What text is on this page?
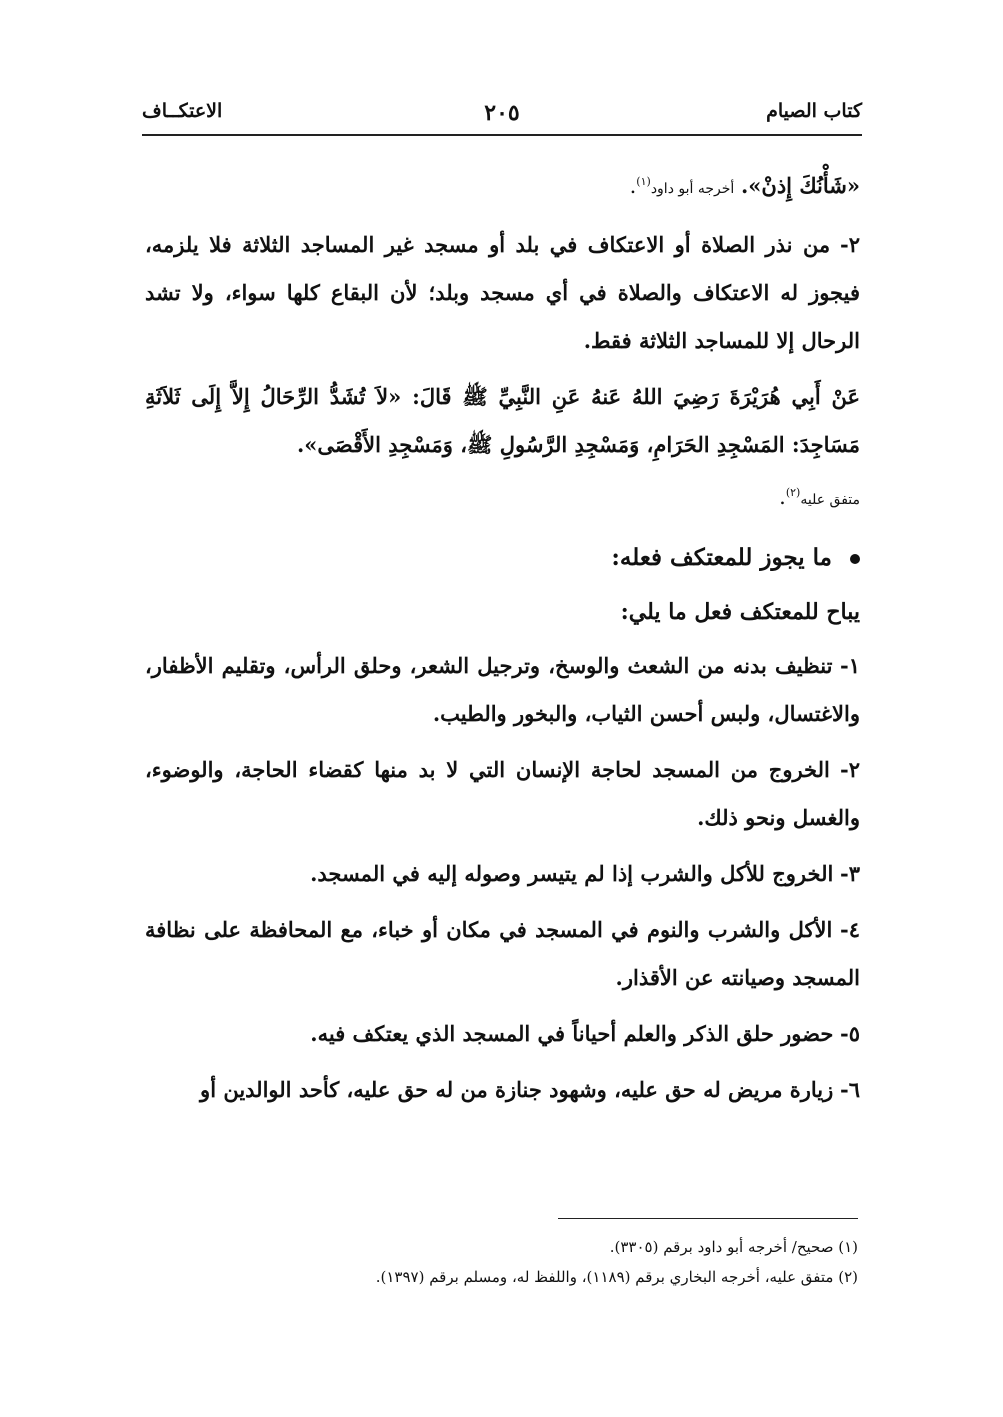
كتاب الصيام
٢٠٥
الاعتكــاف

«شَأْنُكَ إِذنْ». أخرجه أبو داود$^{(١)}$.

٢- من نذر الصلاة أو الاعتكاف في بلد أو مسجد غير المساجد الثلاثة فلا يلزمه، فيجوز له الاعتكاف والصلاة في أي مسجد وبلد؛ لأن البقاع كلها سواء، ولا تشد الرحال إلا للمساجد الثلاثة فقط.

عَنْ أَبِي هُرَيْرَةَ رَضِيَ اللهُ عَنهُ عَنِ النَّبِيِّ ﷺ قَالَ: «لاَ تُشَدُّ الرِّحَالُ إِلاَّ إِلَى ثَلاَثَةِ مَسَاجِدَ: المَسْجِدِ الحَرَامِ، وَمَسْجِدِ الرَّسُولِ ﷺ، وَمَسْجِدِ الأَقْصَى».
متفق عليه$^{(٢)}$.

ما يجوز للمعتكف فعله:
يباح للمعتكف فعل ما يلي:

١- تنظيف بدنه من الشعث والوسخ، وترجيل الشعر، وحلق الرأس، وتقليم الأظفار، والاغتسال، ولبس أحسن الثياب، والبخور والطيب.

٢- الخروج من المسجد لحاجة الإنسان التي لا بد منها كقضاء الحاجة، والوضوء، والغسل ونحو ذلك.

٣- الخروج للأكل والشرب إذا لم يتيسر وصوله إليه في المسجد.

٤- الأكل والشرب والنوم في المسجد في مكان أو خباء، مع المحافظة على نظافة المسجد وصيانته عن الأقذار.

٥- حضور حلق الذكر والعلم أحياناً في المسجد الذي يعتكف فيه.

٦- زيارة مريض له حق عليه، وشهود جنازة من له حق عليه، كأحد الوالدين أو

(١) صحيح/ أخرجه أبو داود برقم (٣٣٠٥).
(٢) متفق عليه، أخرجه البخاري برقم (١١٨٩)، واللفظ له، ومسلم برقم (١٣٩٧).
